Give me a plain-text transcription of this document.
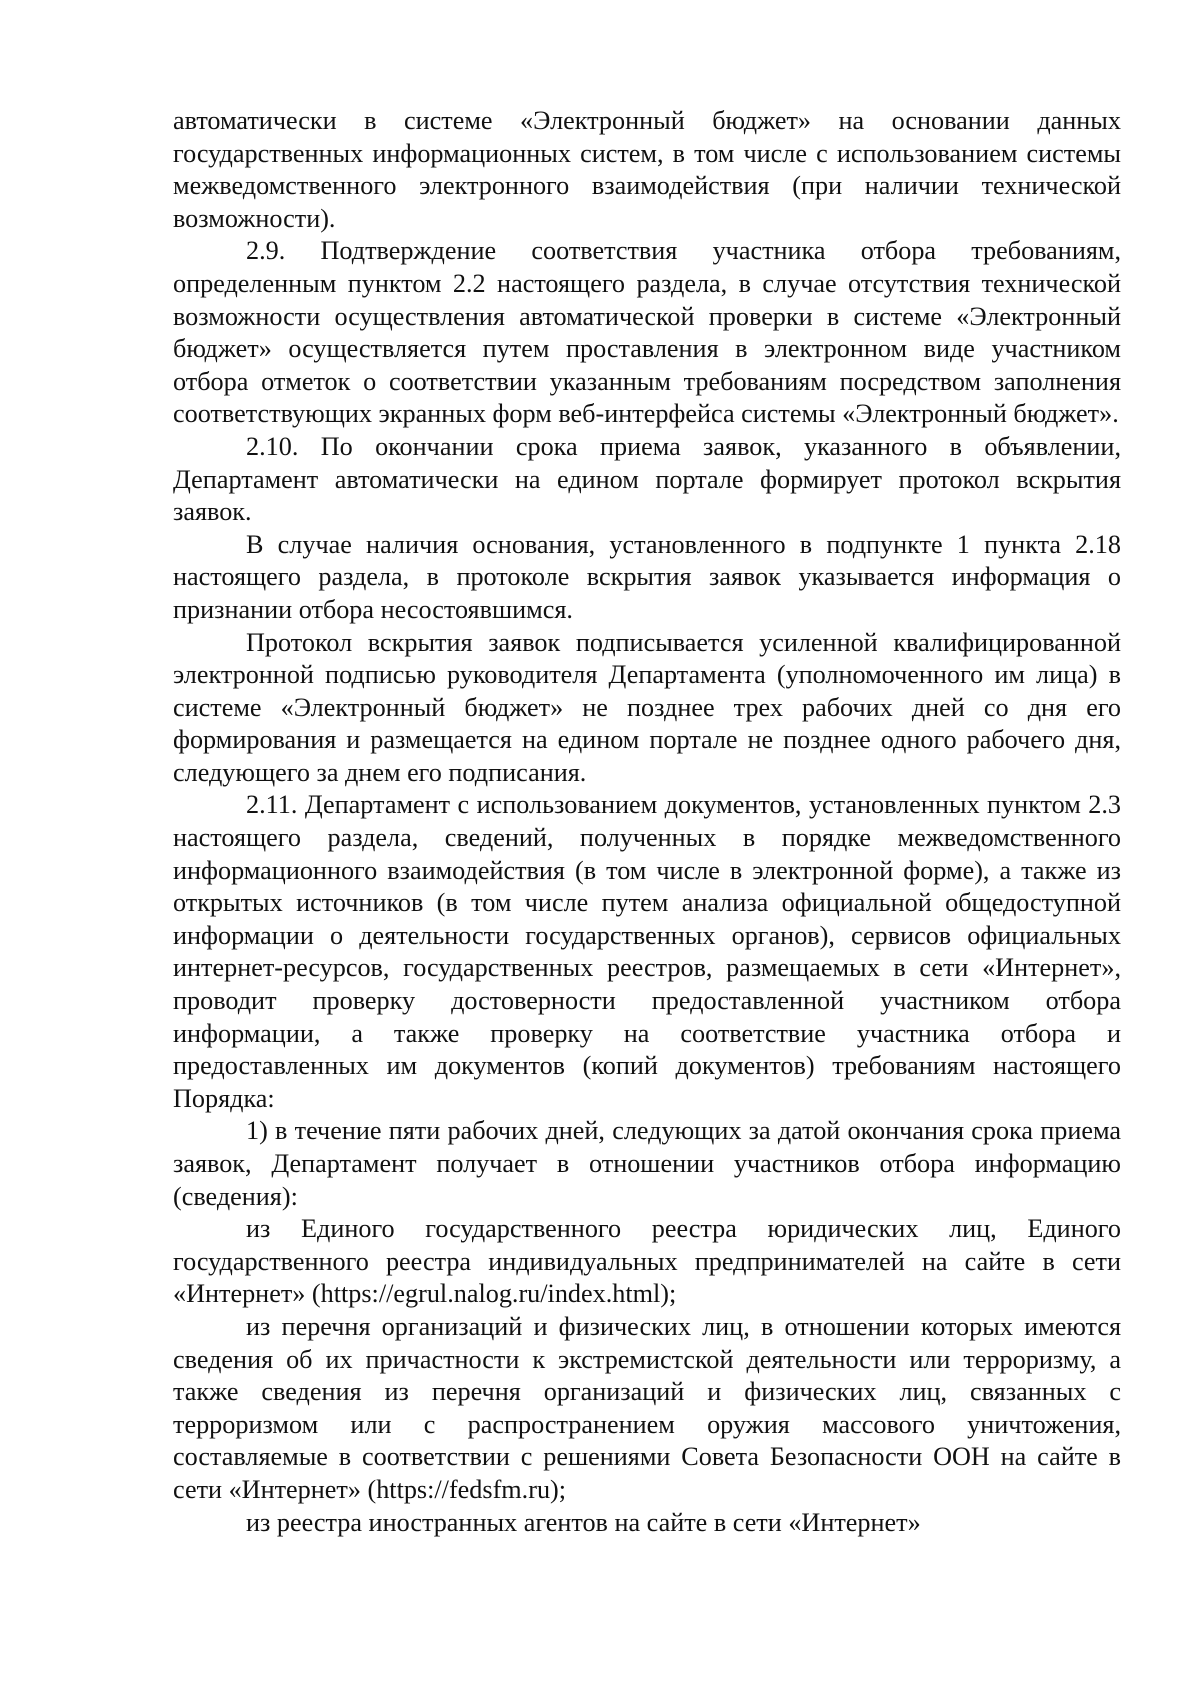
автоматически в системе «Электронный бюджет» на основании данных государственных информационных систем, в том числе с использованием системы межведомственного электронного взаимодействия (при наличии технической возможности).

2.9. Подтверждение соответствия участника отбора требованиям, определенным пунктом 2.2 настоящего раздела, в случае отсутствия технической возможности осуществления автоматической проверки в системе «Электронный бюджет» осуществляется путем проставления в электронном виде участником отбора отметок о соответствии указанным требованиям посредством заполнения соответствующих экранных форм веб-интерфейса системы «Электронный бюджет».

2.10. По окончании срока приема заявок, указанного в объявлении, Департамент автоматически на едином портале формирует протокол вскрытия заявок.

В случае наличия основания, установленного в подпункте 1 пункта 2.18 настоящего раздела, в протоколе вскрытия заявок указывается информация о признании отбора несостоявшимся.

Протокол вскрытия заявок подписывается усиленной квалифицированной электронной подписью руководителя Департамента (уполномоченного им лица) в системе «Электронный бюджет» не позднее трех рабочих дней со дня его формирования и размещается на едином портале не позднее одного рабочего дня, следующего за днем его подписания.

2.11. Департамент с использованием документов, установленных пунктом 2.3 настоящего раздела, сведений, полученных в порядке межведомственного информационного взаимодействия (в том числе в электронной форме), а также из открытых источников (в том числе путем анализа официальной общедоступной информации о деятельности государственных органов), сервисов официальных интернет-ресурсов, государственных реестров, размещаемых в сети «Интернет», проводит проверку достоверности предоставленной участником отбора информации, а также проверку на соответствие участника отбора и предоставленных им документов (копий документов) требованиям настоящего Порядка:

1) в течение пяти рабочих дней, следующих за датой окончания срока приема заявок, Департамент получает в отношении участников отбора информацию (сведения):

из Единого государственного реестра юридических лиц, Единого государственного реестра индивидуальных предпринимателей на сайте в сети «Интернет» (https://egrul.nalog.ru/index.html);

из перечня организаций и физических лиц, в отношении которых имеются сведения об их причастности к экстремистской деятельности или терроризму, а также сведения из перечня организаций и физических лиц, связанных с терроризмом или с распространением оружия массового уничтожения, составляемые в соответствии с решениями Совета Безопасности ООН на сайте в сети «Интернет» (https://fedsfm.ru);

из реестра иностранных агентов на сайте в сети «Интернет»
